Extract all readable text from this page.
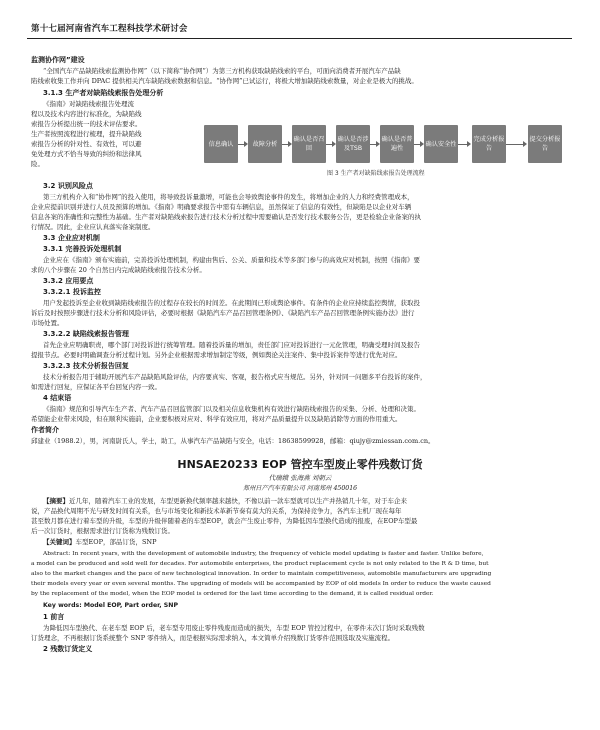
第十七届河南省汽车工程科技学术研讨会
监测协作网”建设
“全国汽车产品缺陷线索监测协作网”（以下简称“协作网”）为第三方机构获取缺陷线索的平台，可面向消费者开展汽车产品缺
陷线索收集工作并向 DPAC 提供相关汽车缺陷线索数据和信息。“协作网”已试运行，将极大增加缺陷线索数量，对企业是极大的挑战。
3.1.3 生产者对缺陷线索报告处理分析
《指南》对缺陷线索报告处理流
程以及技术内容进行标准化，为缺陷线
索报告分析提出统一的技术评估要求。
生产者按照流程进行梳理，提升缺陷线
索报告分析的针对性、有效性，可以避
免处理方式不恰当导致的纠纷和法律风
险。
信息确认	故障分析
确认是否召回
确认是否涉及TSB
确认是否普遍性
确认安全性
完成分析报告
提交分析报告
图 3 生产者对缺陷线索报告处理流程
3.2 识别风险点
第三方机构介入和“协作网”的投入使用，将导致投诉量激增，可能也会导致舆论事件的发生，将增加企业的人力和经费管理成本，
企业应提前识别并进行人员及预算的增加。《指南》明确要求报告中需有车辆信息，虽然保证了信息的有效性，但缺陷是以企业对车辆
信息各案的准确性和完整性为基础。生产者对缺陷线索报告进行技术分析过程中需要确认是否发行技术服务公告，更是检验企业备案的执
行情况。因此，企业应认真落实备案制度。
3.3 企业应对机制
3.3.1 完善投诉处理机制
企业应在《指南》颁布实施前，完善投诉处理机制，构建由售后、公关、质量和技术等多部门参与的高效应对机制，按照《指南》要
求的八个步骤在 20 个自然日内完成缺陷线索报告技术分析。
3.3.2 应用要点
3.3.2.1 投诉监控
用户发起投诉至企业收到缺陷线索报告的过程存在较长的时间差。在此期间已形成舆论事件。有条件的企业应持续监控舆情，获取投
诉后及时按照步骤进行技术分析和风险评估，必要时根据《缺陷汽车产品召回管理条例》、《缺陷汽车产品召回管理条例实施办法》进行
市场处置。
3.3.2.2 缺陷线索报告管理
首先企业应明确职责，哪个部门对投诉进行统筹管理。随着投诉量的增加，责任部门应对投诉进行一元化管理，明确受理时间及报告
提报节点。必要时明确调查分析过程计划。另外企业根据需求增加制定等级，例如舆论关注案件、集中投诉案件等进行优先对应。
3.3.2.3 技术分析报告回复
技术分析报告用于辅助开展汽车产品缺陷风险评估，内容要真实、客观，报告格式应当规范。另外，针对同一问题多平台投诉的案件，
如需进行回复，应保证各平台回复内容一致。
4 结束语
《指南》规范和引导汽车生产者、汽车产品召回监管部门以及相关信息收集机构有效进行缺陷线索报告的采集、分析、处理和决策。
希望能企业带来风险，但在顺利实施前，企业要积极对应对、科学有效应用，将对产品质量提升以及缺陷消除等方面的作用重大。
作者简介
邱建业（1988.2），男，河南尉氏人，学士，助工，从事汽车产品缺陷与安全，电话：18638599928，邮箱：qiujy@zmiessan.com.cn。
HNSAE20233 EOP 管控车型废止零件残数订货
代瑞娥 张海燕 刘朝云
郑州日产汽车有限公司 河南郑州 450016
【摘要】近几年，随着汽车工业的发展，车型更新换代频率越来越快，不像以前一款车型就可以生产并热销几十年，对于车企来
说，产品换代周期不光与研发时间有关系，也与市场变化和新技术革新节奏有莫大的关系，为保持竞争力，各汽车主机厂现在每年
甚至数月都在进行着车型的升级，车型的升级伴随着老的车型EOP，就会产生废止零件，为降低因车型换代造成的报废，在EOP车型最
后一次订货时，根据需求进行订货称为残数订货。
【关键词】车型EOP，部品订货，SNP
Abstract: In recent years, with the development of automobile industry, the frequency of vehicle model updating is faster and faster. Unlike before,
a model can be produced and sold well for decades. For automobile enterprises, the product replacement cycle is not only related to the R & D time, but
also to the market changes and the pace of new technological innovation. In order to maintain competitiveness, automobile manufacturers are upgrading
their models every year or even several months. The upgrading of models will be accompanied by EOP of old models In order to reduce the waste caused
by the replacement of the model, when the EOP model is ordered for the last time according to the demand, it is called residual order.
Key words: Model EOP, Part order, SNP
1 前言
为降低因车型换代、在老车型 EOP 后，老车型专用废止零件残废而造成的损失，车型 EOP 管控过程中，在零件末次订货时采取残数
订货理念，不再根据订货系统整个 SNP 零件纳入，而是根据实际需求纳入，本文简单介绍残数订货零件范围选取及实施流程。
2 残数订货定义
